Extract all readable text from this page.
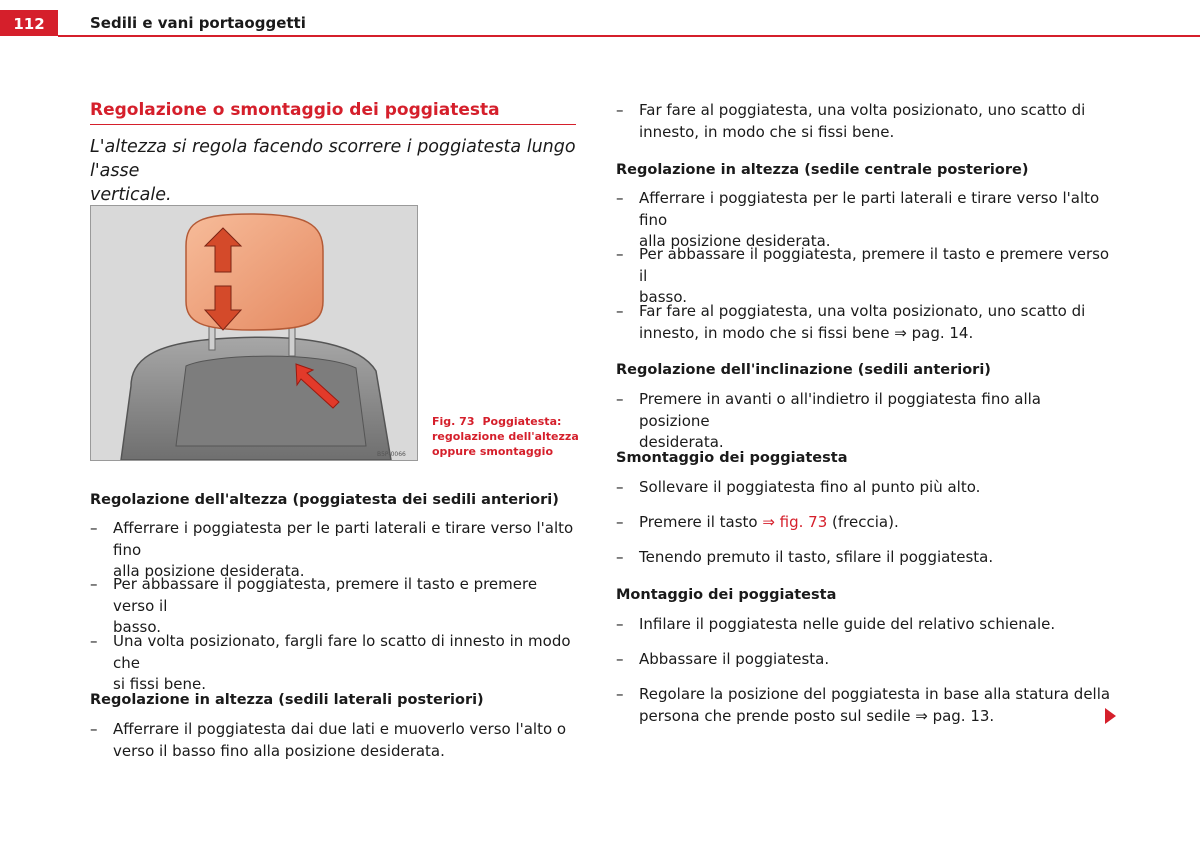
112	Sedili e vani portaoggetti
Regolazione o smontaggio dei poggiatesta
L'altezza si regola facendo scorrere i poggiatesta lungo l'asse
verticale.
B5P-0066
Fig. 73 Poggiatesta:
regolazione dell'altezza
oppure smontaggio
Regolazione dell'altezza (poggiatesta dei sedili anteriori)
– Afferrare i poggiatesta per le parti laterali e tirare verso l'alto fino
alla posizione desiderata.
– Per abbassare il poggiatesta, premere il tasto e premere verso il
basso.
– Una volta posizionato, fargli fare lo scatto di innesto in modo che
si fissi bene.
Regolazione in altezza (sedili laterali posteriori)
– Afferrare il poggiatesta dai due lati e muoverlo verso l'alto o
verso il basso fino alla posizione desiderata.
– Far fare al poggiatesta, una volta posizionato, uno scatto di
innesto, in modo che si fissi bene.
Regolazione in altezza (sedile centrale posteriore)
– Afferrare i poggiatesta per le parti laterali e tirare verso l'alto fino
alla posizione desiderata.
– Per abbassare il poggiatesta, premere il tasto e premere verso il
basso.
– Far fare al poggiatesta, una volta posizionato, uno scatto di
innesto, in modo che si fissi bene ⇒ pag. 14.
Regolazione dell'inclinazione (sedili anteriori)
– Premere in avanti o all'indietro il poggiatesta fino alla posizione
desiderata.
Smontaggio dei poggiatesta
– Sollevare il poggiatesta fino al punto più alto.
– Premere il tasto ⇒ fig. 73 (freccia).
– Tenendo premuto il tasto, sfilare il poggiatesta.
Montaggio dei poggiatesta
– Infilare il poggiatesta nelle guide del relativo schienale.
– Abbassare il poggiatesta.
– Regolare la posizione del poggiatesta in base alla statura della
persona che prende posto sul sedile ⇒ pag. 13.
